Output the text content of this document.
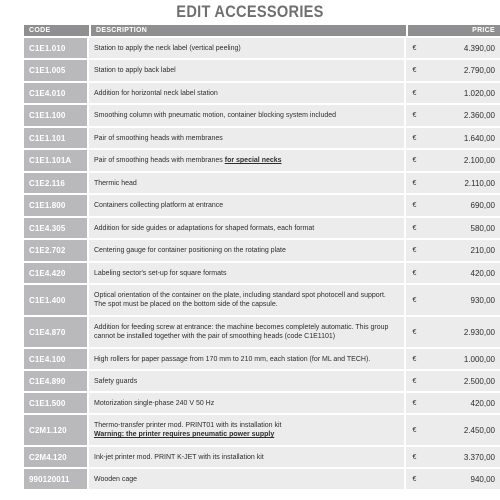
EDIT ACCESSORIES
CODE	DESCRIPTION	PRICE	
C1E1.010	Station to apply the neck label (vertical peeling)	€	4.390,00
C1E1.005	Station to apply back label	€	2.790,00
C1E4.010	Addition for horizontal neck label station	€	1.020,00
C1E1.100	Smoothing column with pneumatic motion, container blocking system included	€	2.360,00
C1E1.101	Pair of smoothing heads with membranes	€	1.640,00
C1E1.101A	Pair of smoothing heads with membranes for special necks	€	2.100,00
C1E2.116	Thermic head	€	2.110,00
C1E1.800	Containers collecting platform at entrance	€	690,00
C1E4.305	Addition for side guides or adaptations for shaped formats, each format	€	580,00
C1E2.702	Centering gauge for container positioning on the rotating plate	€	210,00
C1E4.420	Labeling sector's set-up for square formats	€	420,00
C1E1.400	Optical orientation of the container on the plate, including standard spot photocell and support. The spot must be placed on the bottom side of the capsule.	€	930,00
C1E4.870	Addition for feeding screw at entrance: the machine becomes completely automatic. This group cannot be installed together with the pair of smoothing heads (code C1E1101)	€	2.930,00
C1E4.100	High rollers for paper passage from 170 mm to 210 mm, each station (for ML and TECH).	€	1.000,00
C1E4.890	Safety guards	€	2.500,00
C1E1.500	Motorization single-phase 240 V 50 Hz	€	420,00
C2M1.120	Thermo-transfer printer mod. PRINT01 with its installation kit
Warning: the printer requires pneumatic power supply	€	2.450,00
C2M4.120	Ink-jet printer mod. PRINT K-JET with its installation kit	€	3.370,00
990120011	Wooden cage	€	940,00
